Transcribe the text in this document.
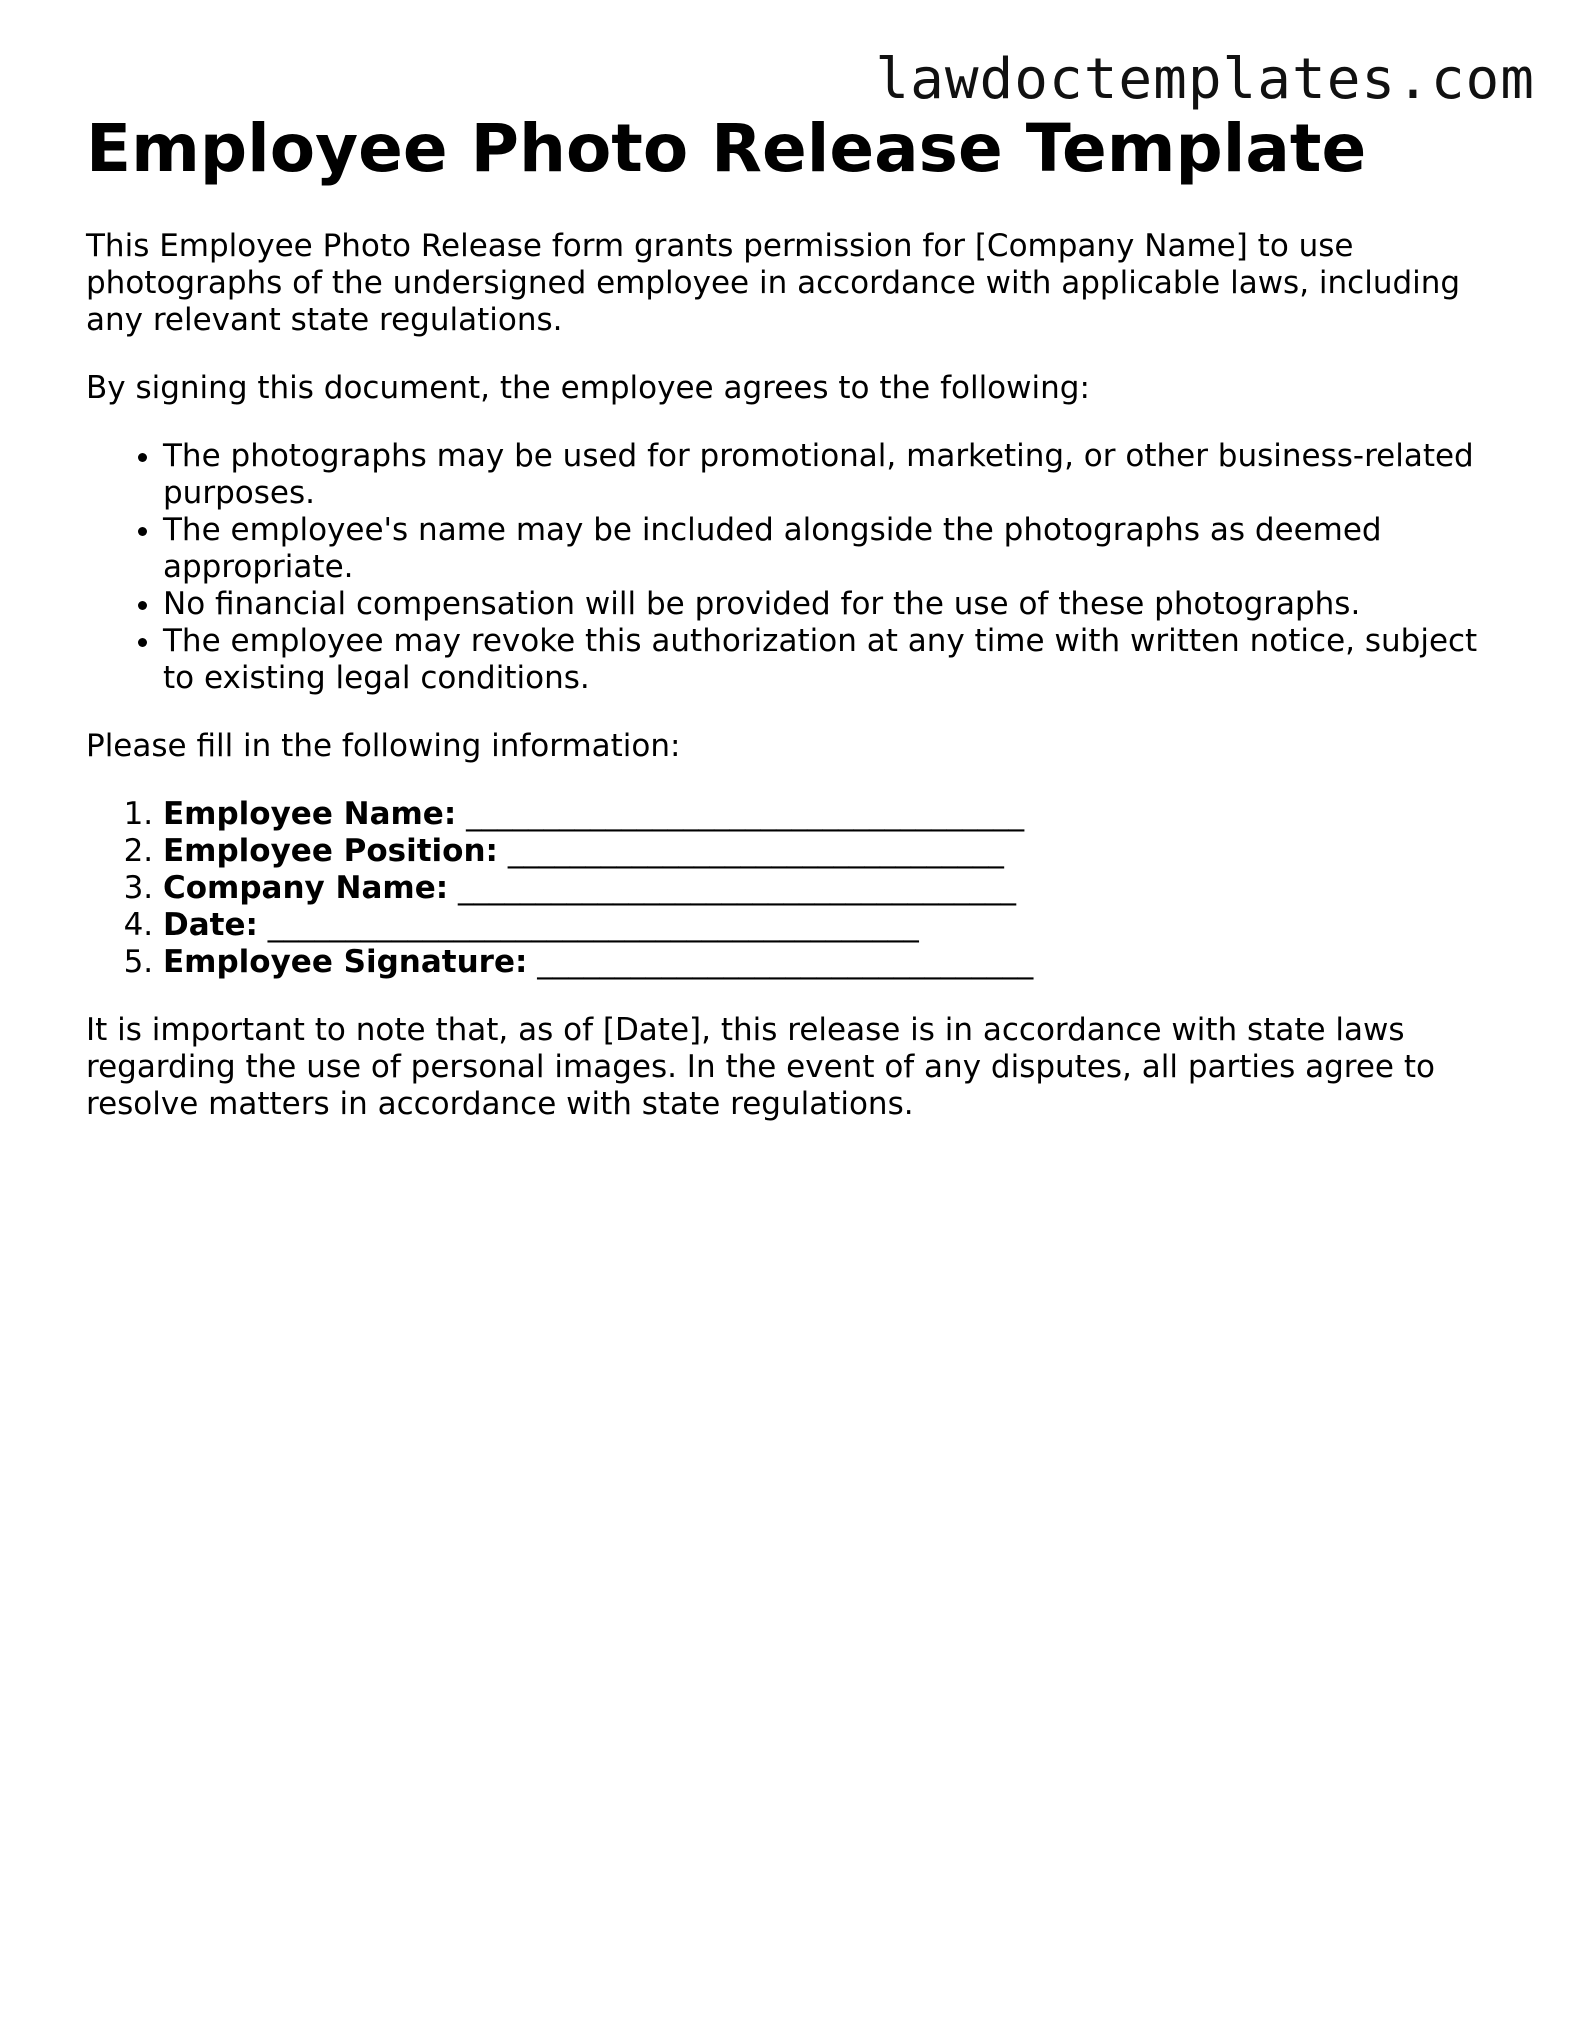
lawdoctemplates.com
Employee Photo Release Template

This Employee Photo Release form grants permission for [Company Name] to use photographs of the undersigned employee in accordance with applicable laws, including any relevant state regulations.

By signing this document, the employee agrees to the following:

• The photographs may be used for promotional, marketing, or other business-related purposes.
• The employee's name may be included alongside the photographs as deemed appropriate.
• No financial compensation will be provided for the use of these photographs.
• The employee may revoke this authorization at any time with written notice, subject to existing legal conditions.

Please fill in the following information:

1. Employee Name: ____________________________________
2. Employee Position: ________________________________
3. Company Name: ____________________________________
4. Date: __________________________________________
5. Employee Signature: ________________________________

It is important to note that, as of [Date], this release is in accordance with state laws regarding the use of personal images. In the event of any disputes, all parties agree to resolve matters in accordance with state regulations.
